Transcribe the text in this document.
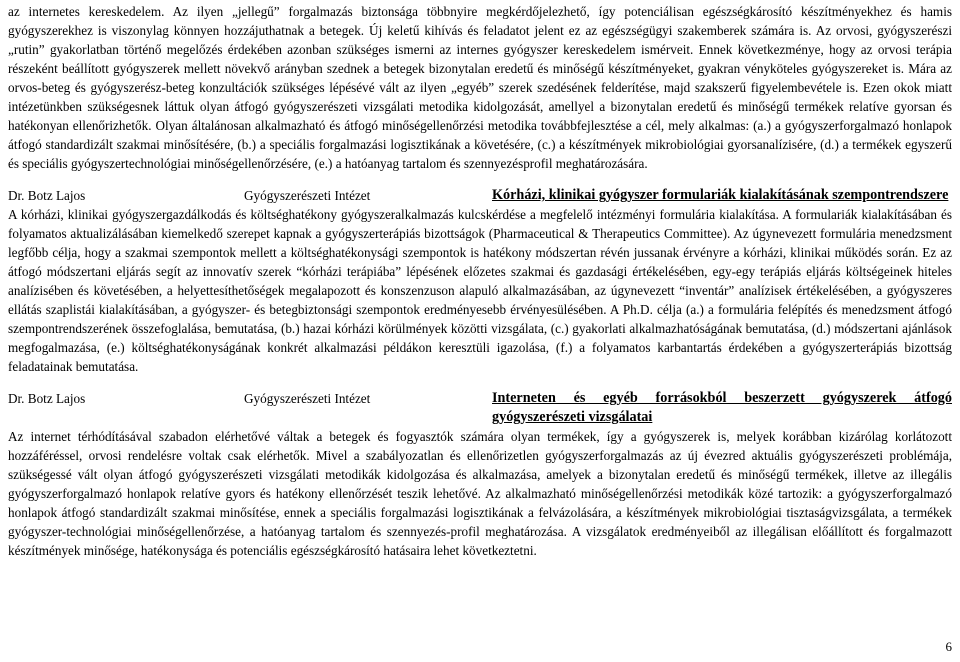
az internetes kereskedelem. Az ilyen „jellegű” forgalmazás biztonsága többnyire megkérdőjelezhető, így potenciálisan egészségkárosító készítményekhez és hamis gyógyszerekhez is viszonylag könnyen hozzájuthatnak a betegek. Új keletű kihívás és feladatot jelent ez az egészségügyi szakemberek számára is. Az orvosi, gyógyszerészi „rutin” gyakorlatban történő megelőzés érdekében azonban szükséges ismerni az internes gyógyszer kereskedelem ismérveit. Ennek következménye, hogy az orvosi terápia részeként beállított gyógyszerek mellett növekvő arányban szednek a betegek bizonytalan eredetű és minőségű készítményeket, gyakran vényköteles gyógyszereket is. Mára az orvos-beteg és gyógyszerész-beteg konzultációk szükséges lépésévé vált az ilyen „egyéb” szerek szedésének felderítése, majd szakszerű figyelembevétele is. Ezen okok miatt intézetünkben szükségesnek láttuk olyan átfogó gyógyszerészeti vizsgálati metodika kidolgozását, amellyel a bizonytalan eredetű és minőségű termékek relatíve gyorsan és hatékonyan ellenőrizhetők. Olyan általánosan alkalmazható és átfogó minőségellenőrzési metodika továbbfejlesztése a cél, mely alkalmas: (a.) a gyógyszerforgalmazó honlapok átfogó standardizált szakmai minősítésére, (b.) a speciális forgalmazási logisztikának a követésére, (c.) a készítmények mikrobiológiai gyorsanalízisére, (d.) a termékek egyszerű és speciális gyógyszertechnológiai minőségellenőrzésére, (e.) a hatóanyag tartalom és szennyezésprofil meghatározására.

Dr. Botz Lajos	Gyógyszerészeti Intézet	Kórházi, klinikai gyógyszer formulariák kialakításának szempontrendszere

A kórházi, klinikai gyógyszergazdálkodás és költséghatékony gyógyszeralkalmazás kulcskérdése a megfelelő intézményi formulária kialakítása. A formulariák kialakításában és folyamatos aktualizálásában kiemelkedő szerepet kapnak a gyógyszerterápiás bizottságok (Pharmaceutical & Therapeutics Committee). Az úgynevezett formulária menedzsment legfőbb célja, hogy a szakmai szempontok mellett a költséghatékonysági szempontok is hatékony módszertan révén jussanak érvényre a kórházi, klinikai működés során. Ez az átfogó módszertani eljárás segít az innovatív szerek “kórházi terápiába” lépésének előzetes szakmai és gazdasági értékelésében, egy-egy terápiás eljárás költségeinek hiteles analízisében és követésében, a helyettesíthetőségek megalapozott és konszenzuson alapuló alkalmazásában, az úgynevezett “inventár” analízisek értékelésében, a gyógyszeres ellátás szaplistái kialakításában, a gyógyszer- és betegbiztonsági szempontok eredményesebb érvényesülésében. A Ph.D. célja (a.) a formulária felépítés és menedzsment átfogó szempontrendszerének összefoglalása, bemutatása, (b.) hazai kórházi körülmények közötti vizsgálata, (c.) gyakorlati alkalmazhatóságának bemutatása, (d.) módszertani ajánlások megfogalmazása, (e.) költséghatékonyságának konkrét alkalmazási példákon keresztüli igazolása, (f.) a folyamatos karbantartás érdekében a gyógyszerterápiás bizottság feladatainak bemutatása.

Dr. Botz Lajos	Gyógyszerészeti Intézet	Interneten és egyéb forrásokból beszerzett gyógyszerek átfogó gyógyszerészeti vizsgálatai

Az internet térhódításával szabadon elérhetővé váltak a betegek és fogyasztók számára olyan termékek, így a gyógyszerek is, melyek korábban kizárólag korlátozott hozzáféréssel, orvosi rendelésre voltak csak elérhetők. Mivel a szabályozatlan és ellenőrizetlen gyógyszerforgalmazás az új évezred aktuális gyógyszerészeti problémája, szükségessé vált olyan átfogó gyógyszerészeti vizsgálati metodikák kidolgozása és alkalmazása, amelyek a bizonytalan eredetű és minőségű termékek, illetve az illegális gyógyszerforgalmazó honlapok relatíve gyors és hatékony ellenőrzését teszik lehetővé. Az alkalmazható minőségellenőrzési metodikák közé tartozik: a gyógyszerforgalmazó honlapok átfogó standardizált szakmai minősítése, ennek a speciális forgalmazási logisztikának a felvázolására, a készítmények mikrobiológiai tisztaságvizsgálata, a termékek gyógyszer-technológiai minőségellenőrzése, a hatóanyag tartalom és szennyezés-profil meghatározása. A vizsgálatok eredményeiből az illegálisan előállított és forgalmazott készítmények minősége, hatékonysága és potenciális egészségkárosító hatásaira lehet következtetni.

6
